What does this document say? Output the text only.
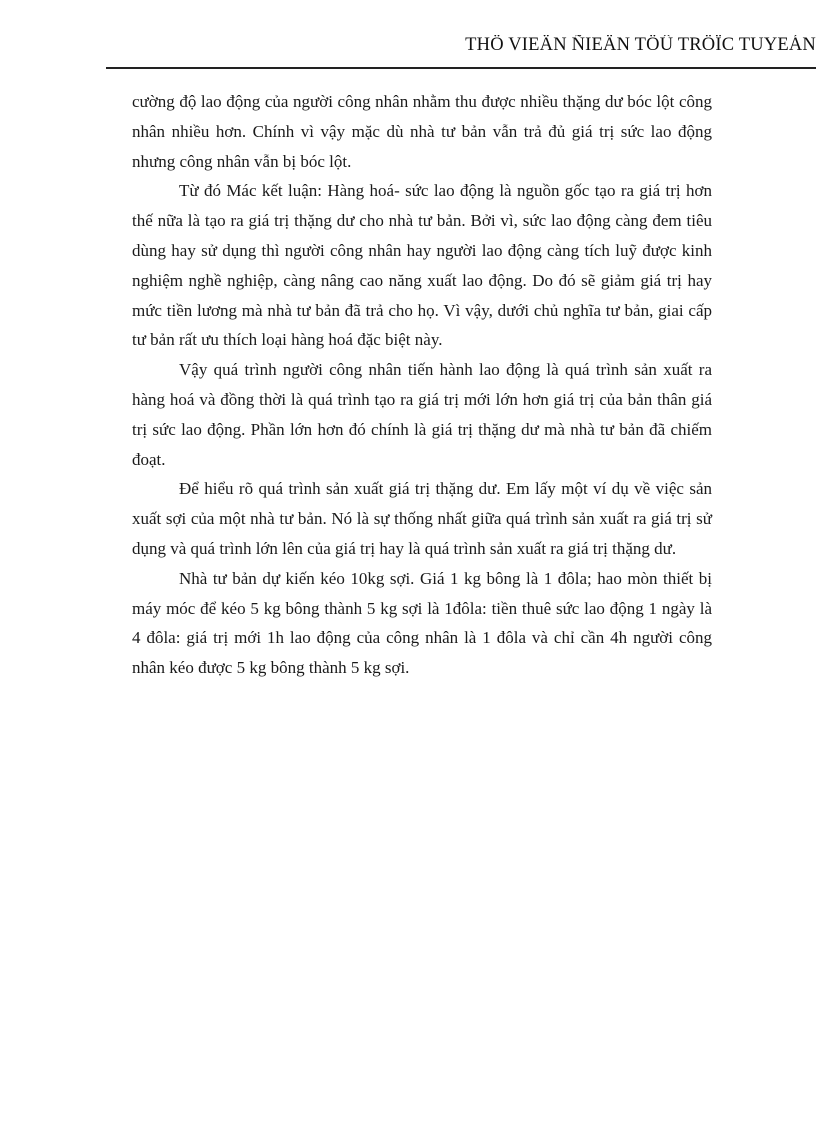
THÖ VIEÄN ÑIEÄN TÖÛ TRÖÏC TUYEÁN

cường độ lao động của người công nhân nhằm thu được nhiều thặng dư bóc lột công nhân nhiều hơn. Chính vì vậy mặc dù nhà tư bản vẫn trả đủ giá trị sức lao động nhưng công nhân vẫn bị bóc lột.

Từ đó Mác kết luận: Hàng hoá- sức lao động là nguồn gốc tạo ra giá trị hơn thế nữa là tạo ra giá trị thặng dư cho nhà tư bản. Bởi vì, sức lao động càng đem tiêu dùng hay sử dụng thì người công nhân hay người lao động càng tích luỹ được kinh nghiệm nghề nghiệp, càng nâng cao năng xuất lao động. Do đó sẽ giảm giá trị hay mức tiền lương mà nhà tư bản đã trả cho họ. Vì vậy, dưới chủ nghĩa tư bản, giai cấp tư bản rất ưu thích loại hàng hoá đặc biệt này.

Vậy quá trình người công nhân tiến hành lao động là quá trình sản xuất ra hàng hoá và đồng thời là quá trình tạo ra giá trị mới lớn hơn giá trị của bản thân giá trị sức lao động. Phần lớn hơn đó chính là giá trị thặng dư mà nhà tư bản đã chiếm đoạt.

Để hiểu rõ quá trình sản xuất giá trị thặng dư. Em lấy một ví dụ về việc sản xuất sợi của một nhà tư bản. Nó là sự thống nhất giữa quá trình sản xuất ra giá trị sử dụng và quá trình lớn lên của giá trị hay là quá trình sản xuất ra giá trị thặng dư.

Nhà tư bản dự kiến kéo 10kg sợi. Giá 1 kg bông là 1 đôla; hao mòn thiết bị máy móc để kéo 5 kg bông thành 5 kg sợi là 1đôla: tiền thuê sức lao động 1 ngày là 4 đôla: giá trị mới 1h lao động của công nhân là 1 đôla và chỉ cần 4h người công nhân kéo được 5 kg bông thành 5 kg sợi.
